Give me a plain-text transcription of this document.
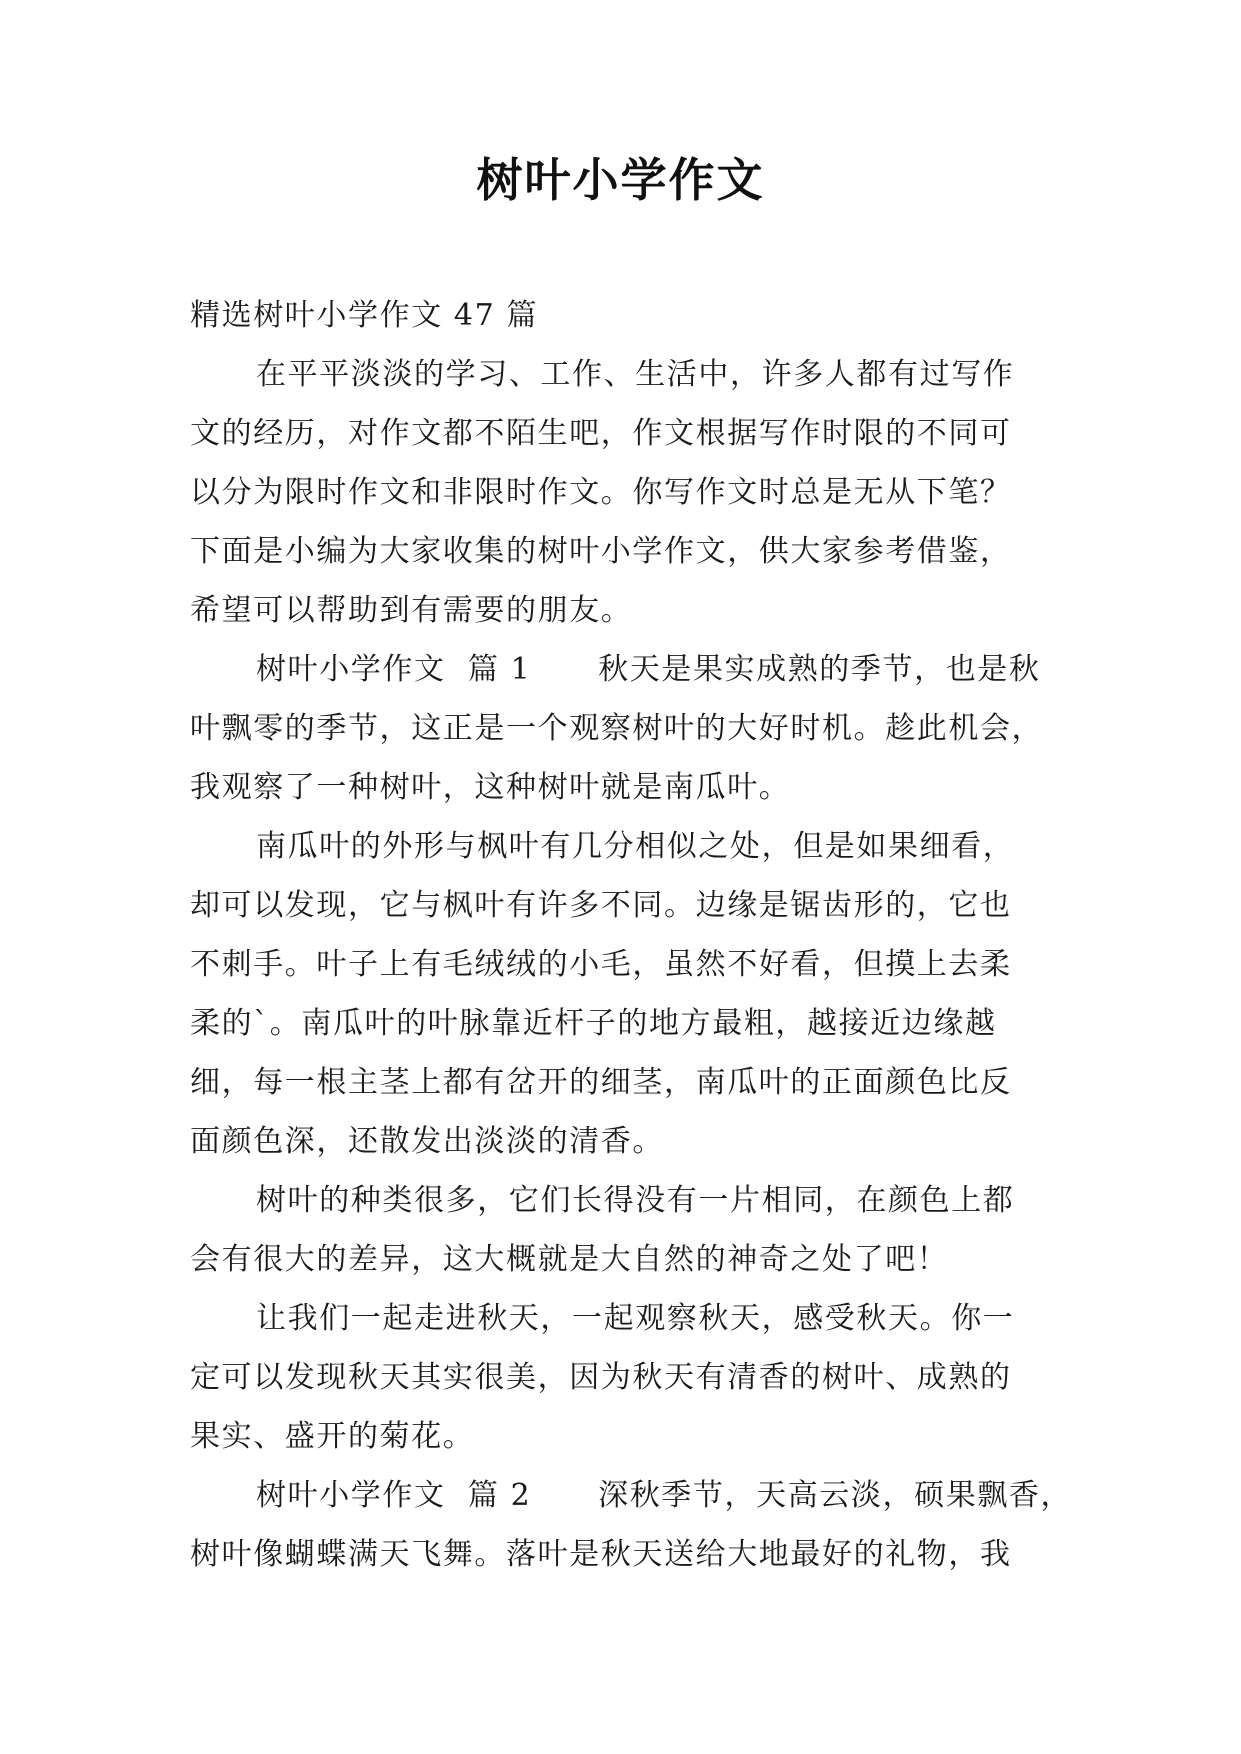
树叶小学作文

精选树叶小学作文 47 篇

在平平淡淡的学习、工作、生活中，许多人都有过写作

文的经历，对作文都不陌生吧，作文根据写作时限的不同可

以分为限时作文和非限时作文。你写作文时总是无从下笔？

下面是小编为大家收集的树叶小学作文，供大家参考借鉴，

希望可以帮助到有需要的朋友。

树叶小学作文  篇 1      秋天是果实成熟的季节，也是秋

叶飘零的季节，这正是一个观察树叶的大好时机。趁此机会，

我观察了一种树叶，这种树叶就是南瓜叶。

南瓜叶的外形与枫叶有几分相似之处，但是如果细看，

却可以发现，它与枫叶有许多不同。边缘是锯齿形的，它也

不刺手。叶子上有毛绒绒的小毛，虽然不好看，但摸上去柔

柔的`。南瓜叶的叶脉靠近杆子的地方最粗，越接近边缘越

细，每一根主茎上都有岔开的细茎，南瓜叶的正面颜色比反

面颜色深，还散发出淡淡的清香。

树叶的种类很多，它们长得没有一片相同，在颜色上都

会有很大的差异，这大概就是大自然的神奇之处了吧！

让我们一起走进秋天，一起观察秋天，感受秋天。你一

定可以发现秋天其实很美，因为秋天有清香的树叶、成熟的

果实、盛开的菊花。

树叶小学作文  篇 2      深秋季节，天高云淡，硕果飘香，

树叶像蝴蝶满天飞舞。落叶是秋天送给大地最好的礼物，我
